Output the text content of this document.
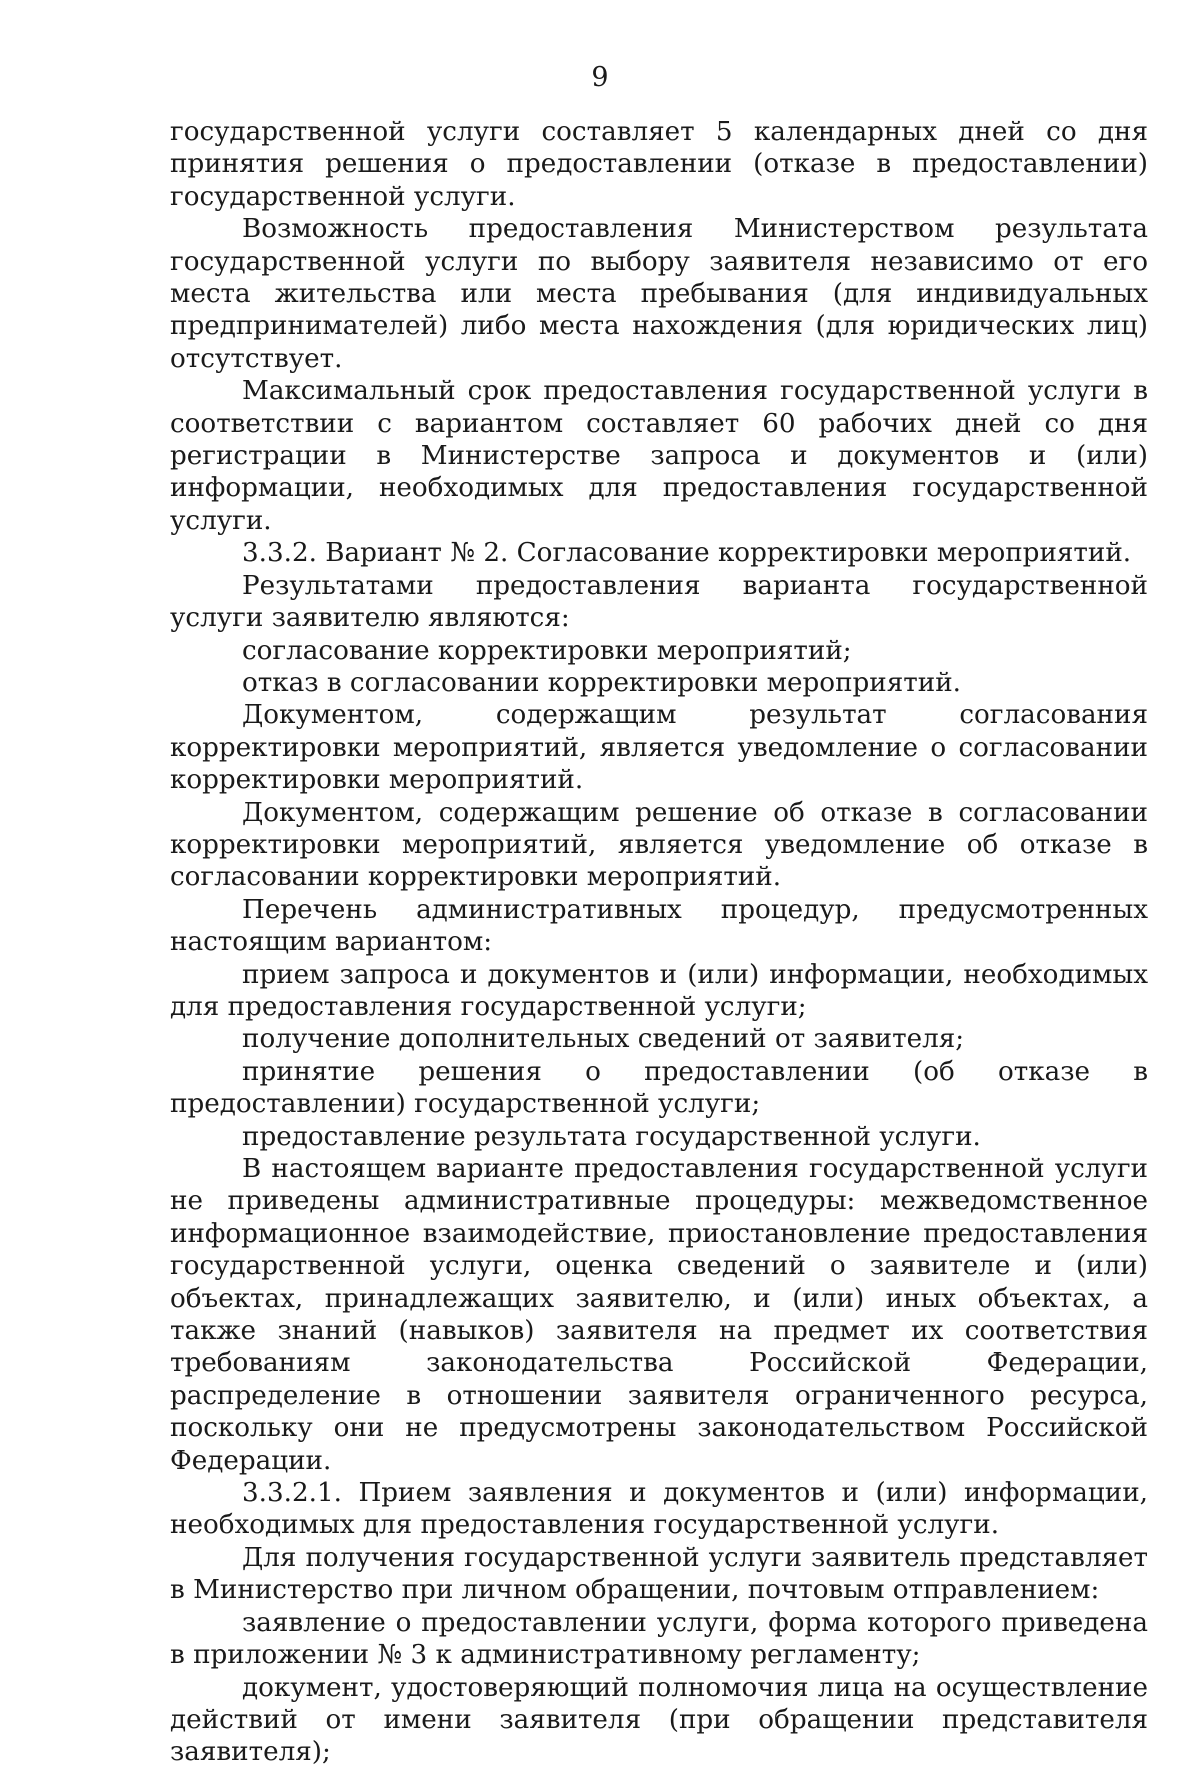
9

государственной услуги составляет 5 календарных дней со дня принятия решения о предоставлении (отказе в предоставлении) государственной услуги.

Возможность предоставления Министерством результата государственной услуги по выбору заявителя независимо от его места жительства или места пребывания (для индивидуальных предпринимателей) либо места нахождения (для юридических лиц) отсутствует.

Максимальный срок предоставления государственной услуги в соответствии с вариантом составляет 60 рабочих дней со дня регистрации в Министерстве запроса и документов и (или) информации, необходимых для предоставления государственной услуги.

3.3.2. Вариант № 2. Согласование корректировки мероприятий.

Результатами предоставления варианта государственной услуги заявителю являются:

согласование корректировки мероприятий;

отказ в согласовании корректировки мероприятий.

Документом, содержащим результат согласования корректировки мероприятий, является уведомление о согласовании корректировки мероприятий.

Документом, содержащим решение об отказе в согласовании корректировки мероприятий, является уведомление об отказе в согласовании корректировки мероприятий.

Перечень административных процедур, предусмотренных настоящим вариантом:

прием запроса и документов и (или) информации, необходимых для предоставления государственной услуги;

получение дополнительных сведений от заявителя;

принятие решения о предоставлении (об отказе в предоставлении) государственной услуги;

предоставление результата государственной услуги.

В настоящем варианте предоставления государственной услуги не приведены административные процедуры: межведомственное информационное взаимодействие, приостановление предоставления государственной услуги, оценка сведений о заявителе и (или) объектах, принадлежащих заявителю, и (или) иных объектах, а также знаний (навыков) заявителя на предмет их соответствия требованиям законодательства Российской Федерации, распределение в отношении заявителя ограниченного ресурса, поскольку они не предусмотрены законодательством Российской Федерации.

3.3.2.1. Прием заявления и документов и (или) информации, необходимых для предоставления государственной услуги.

Для получения государственной услуги заявитель представляет в Министерство при личном обращении, почтовым отправлением:

заявление о предоставлении услуги, форма которого приведена в приложении № 3 к административному регламенту;

документ, удостоверяющий полномочия лица на осуществление действий от имени заявителя (при обращении представителя заявителя);
